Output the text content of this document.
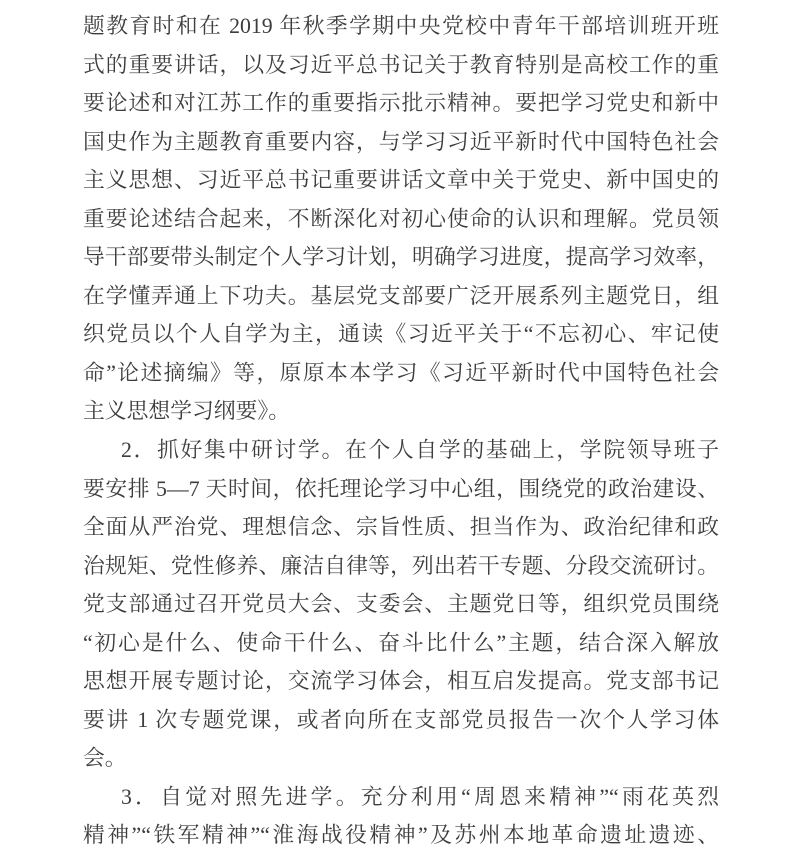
题教育时和在 2019 年秋季学期中央党校中青年干部培训班开班
式的重要讲话，以及习近平总书记关于教育特别是高校工作的重
要论述和对江苏工作的重要指示批示精神。要把学习党史和新中
国史作为主题教育重要内容，与学习习近平新时代中国特色社会
主义思想、习近平总书记重要讲话文章中关于党史、新中国史的
重要论述结合起来，不断深化对初心使命的认识和理解。党员领
导干部要带头制定个人学习计划，明确学习进度，提高学习效率，
在学懂弄通上下功夫。基层党支部要广泛开展系列主题党日，组
织党员以个人自学为主，通读《习近平关于“不忘初心、牢记使
命”论述摘编》等，原原本本学习《习近平新时代中国特色社会
主义思想学习纲要》。
2．抓好集中研讨学。在个人自学的基础上，学院领导班子
要安排 5—7 天时间，依托理论学习中心组，围绕党的政治建设、
全面从严治党、理想信念、宗旨性质、担当作为、政治纪律和政
治规矩、党性修养、廉洁自律等，列出若干专题、分段交流研讨。
党支部通过召开党员大会、支委会、主题党日等，组织党员围绕
“初心是什么、使命干什么、奋斗比什么”主题，结合深入解放
思想开展专题讨论，交流学习体会，相互启发提高。党支部书记
要讲 1 次专题党课，或者向所在支部党员报告一次个人学习体
会。
3．自觉对照先进学。充分利用“周恩来精神”“雨花英烈
精神”“铁军精神”“淮海战役精神”及苏州本地革命遗址遗迹、
